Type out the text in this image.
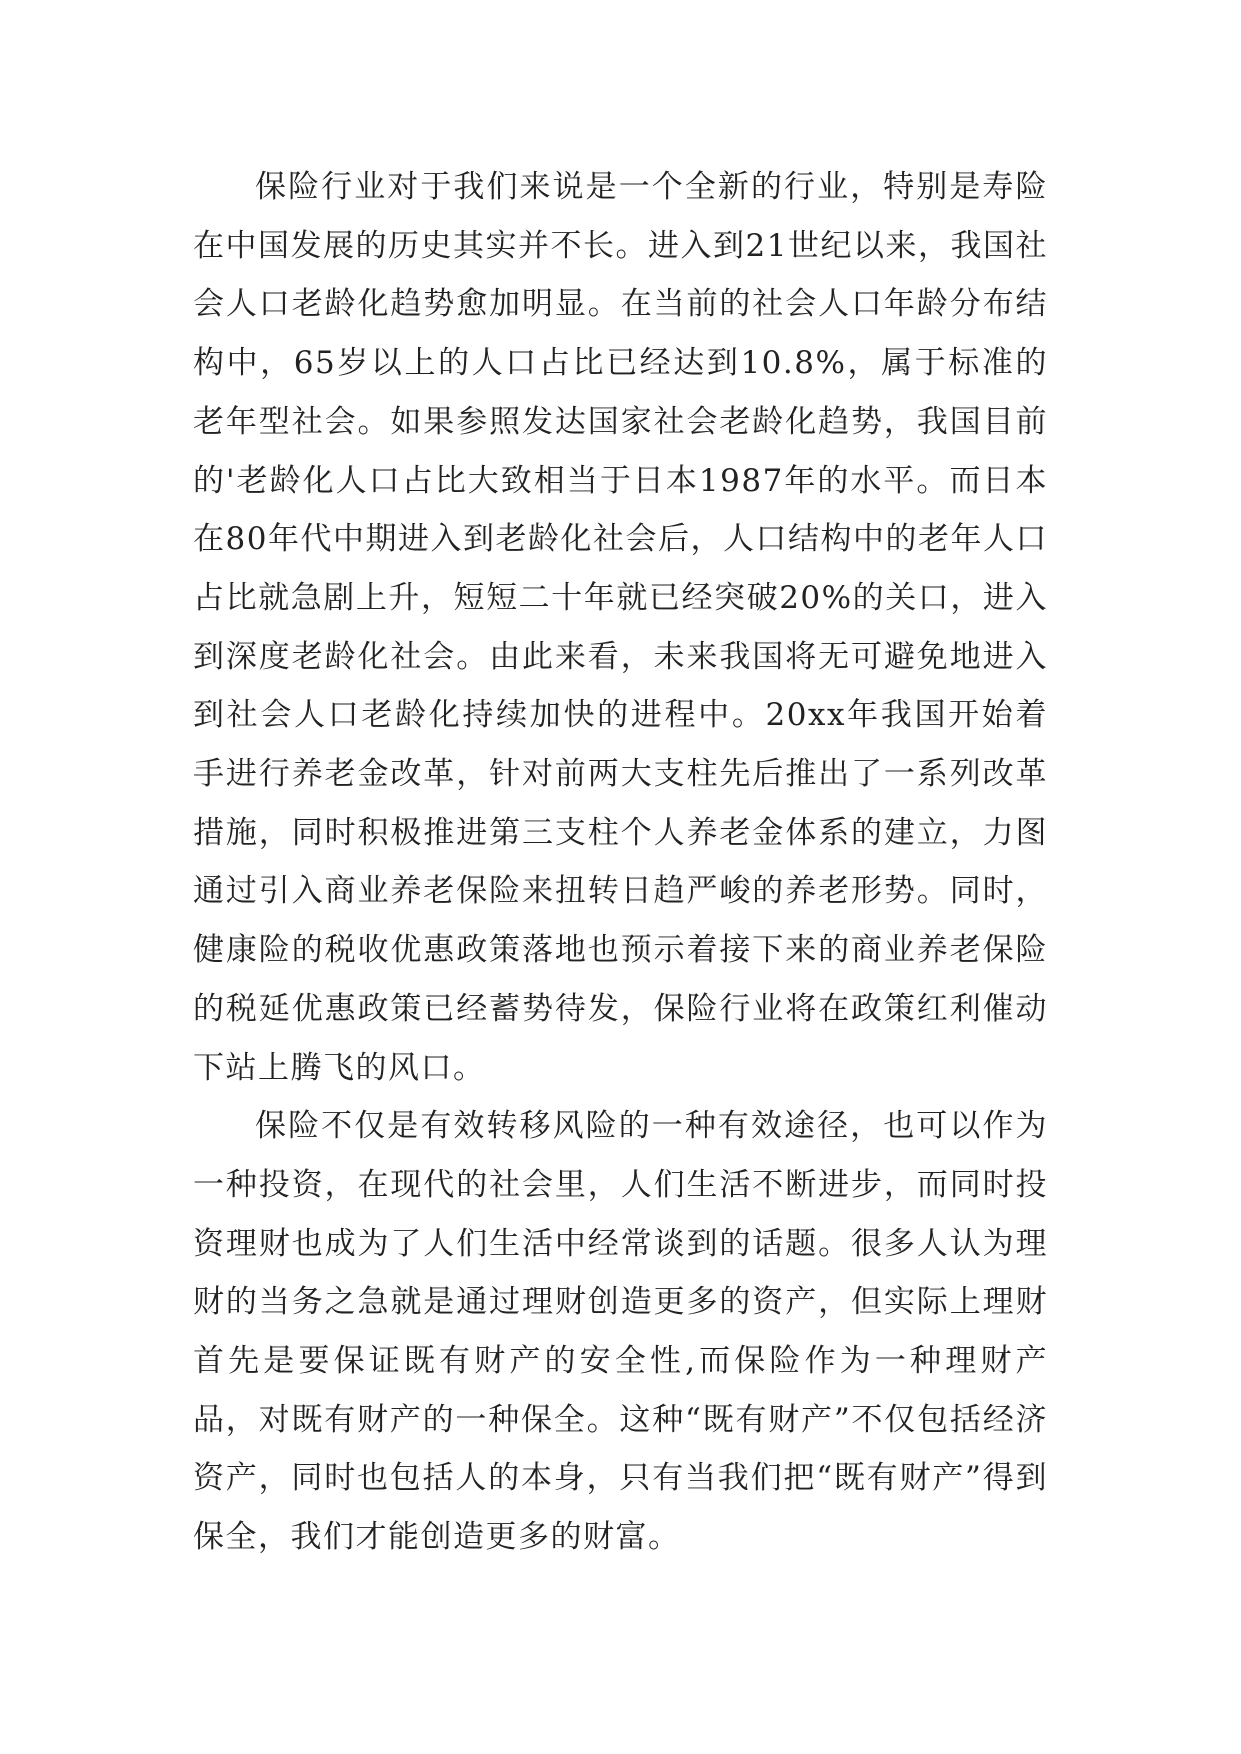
保险行业对于我们来说是一个全新的行业，特别是寿险在中国发展的历史其实并不长。进入到21世纪以来，我国社会人口老龄化趋势愈加明显。在当前的社会人口年龄分布结构中，65岁以上的人口占比已经达到10.8%，属于标准的老年型社会。如果参照发达国家社会老龄化趋势，我国目前的'老龄化人口占比大致相当于日本1987年的水平。而日本在80年代中期进入到老龄化社会后，人口结构中的老年人口占比就急剧上升，短短二十年就已经突破20%的关口，进入到深度老龄化社会。由此来看，未来我国将无可避免地进入到社会人口老龄化持续加快的进程中。20xx年我国开始着手进行养老金改革，针对前两大支柱先后推出了一系列改革措施，同时积极推进第三支柱个人养老金体系的建立，力图通过引入商业养老保险来扭转日趋严峻的养老形势。同时，健康险的税收优惠政策落地也预示着接下来的商业养老保险的税延优惠政策已经蓄势待发，保险行业将在政策红利催动下站上腾飞的风口。

保险不仅是有效转移风险的一种有效途径，也可以作为一种投资，在现代的社会里，人们生活不断进步，而同时投资理财也成为了人们生活中经常谈到的话题。很多人认为理财的当务之急就是通过理财创造更多的资产，但实际上理财首先是要保证既有财产的安全性,而保险作为一种理财产品，对既有财产的一种保全。这种“既有财产”不仅包括经济资产，同时也包括人的本身，只有当我们把“既有财产”得到保全，我们才能创造更多的财富。
